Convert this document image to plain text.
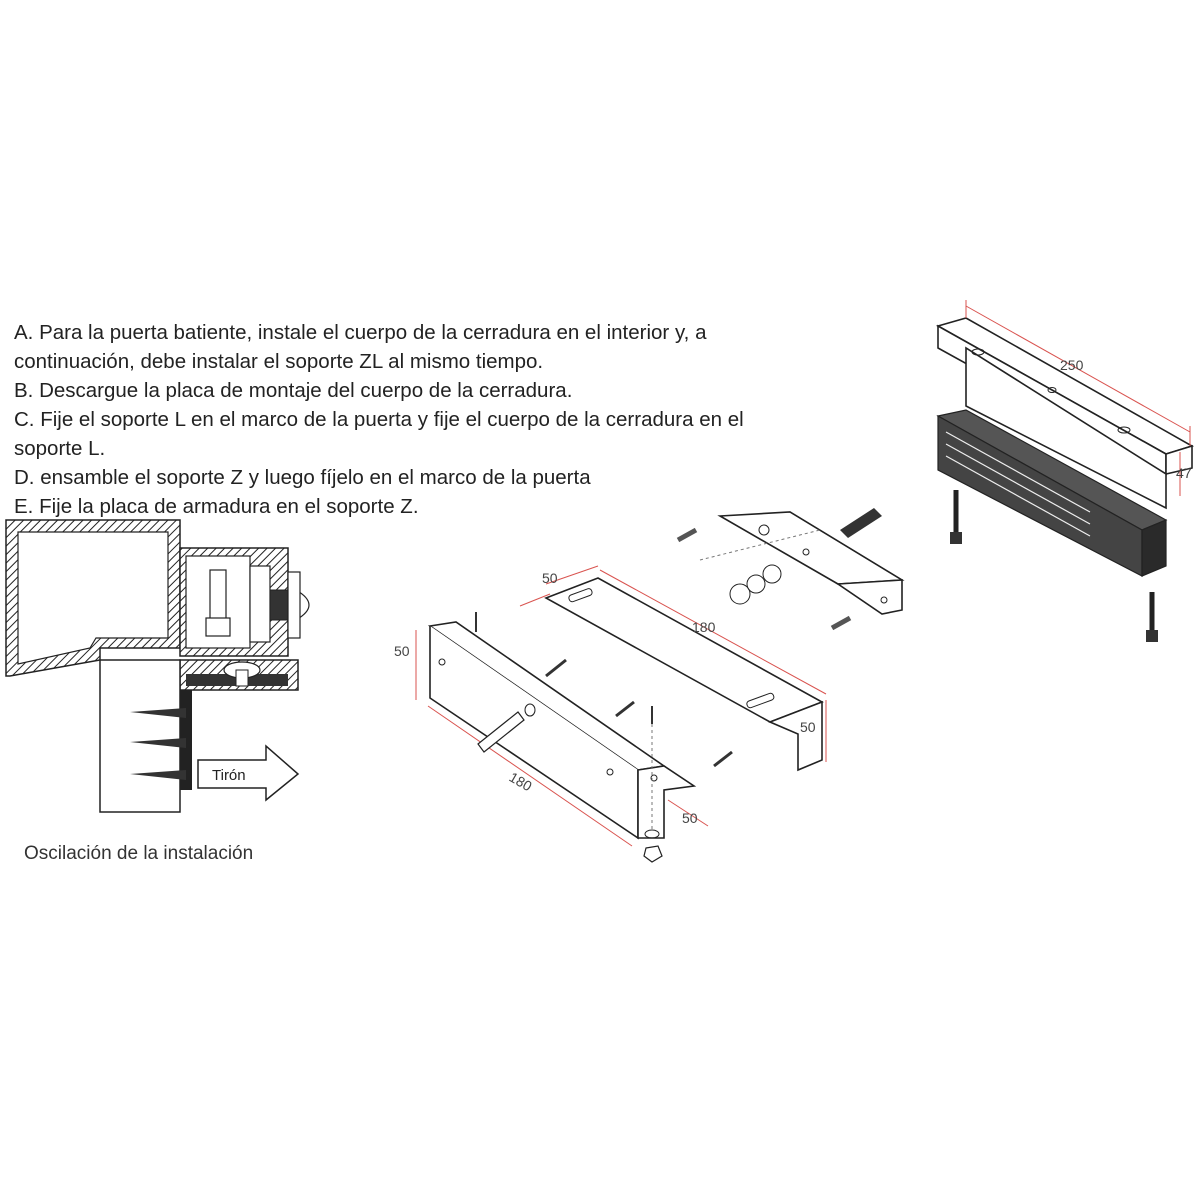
A. Para la puerta batiente, instale el cuerpo de la cerradura en el interior y, a
continuación, debe instalar el soporte ZL al mismo tiempo.
B. Descargue la placa de montaje del cuerpo de la cerradura.
C. Fije el soporte L en el marco de la puerta y fije el cuerpo de la cerradura en el
soporte L.
D. ensamble el soporte Z y luego fíjelo en el marco de la puerta
E. Fije la placa de armadura en el soporte Z.
Oscilación de la instalación
Tirón
250
47
50
180
50
50
180
50
